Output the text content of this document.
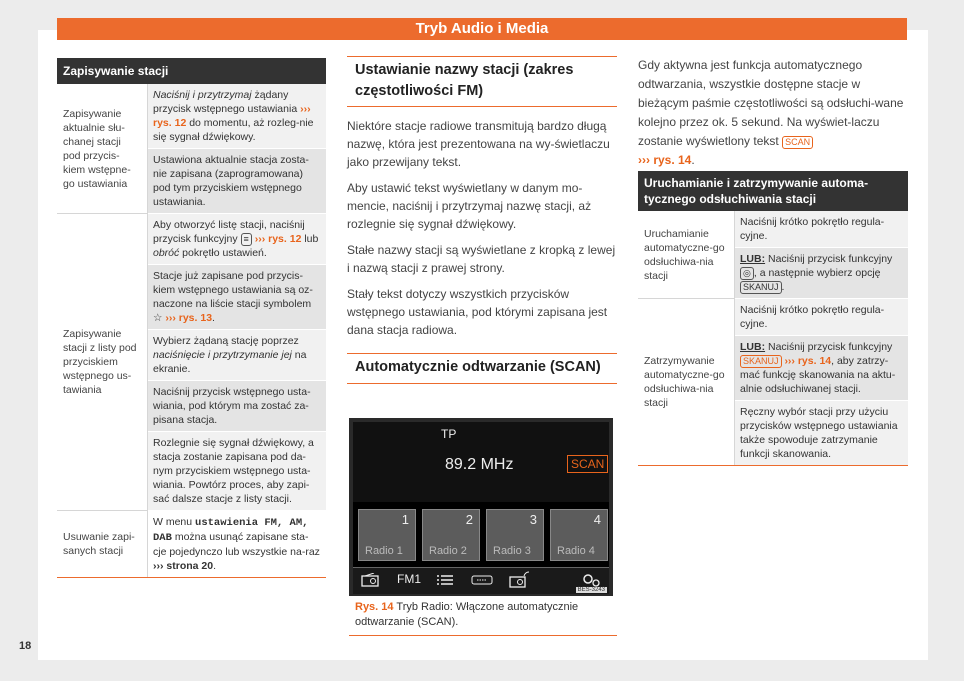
Tryb Audio i Media
Zapisywanie stacji
Zapisywanie aktualnie słu-chanej stacji pod przycis-kiem wstępne-go ustawiania	Naciśnij i przytrzymaj żądany przycisk wstępnego ustawiania ››› rys. 12 do momentu, aż rozleg-nie się sygnał dźwiękowy.
	Ustawiona aktualnie stacja zosta-nie zapisana (zaprogramowana) pod tym przyciskiem wstępnego ustawiania.
Zapisywanie stacji z listy pod przyciskiem wstępnego us-tawiania	Aby otworzyć listę stacji, naciśnij przycisk funkcyjny ≡ ››› rys. 12 lub obróć pokrętło ustawień.
	Stacje już zapisane pod przycis-kiem wstępnego ustawiania są oz-naczone na liście stacji symbolem ☆ ››› rys. 13.
	Wybierz żądaną stację poprzez naciśnięcie i przytrzymanie jej na ekranie.
	Naciśnij przycisk wstępnego usta-wiania, pod którym ma zostać za-pisana stacja.
	Rozlegnie się sygnał dźwiękowy, a stacja zostanie zapisana pod da-nym przyciskiem wstępnego usta-wiania. Powtórz proces, aby zapi-sać dalsze stacje z listy stacji.
Usuwanie zapi-sanych stacji	W menu ustawienia FM, AM, DAB można usunąć zapisane sta-cje pojedynczo lub wszystkie na-raz ››› strona 20.
Ustawianie nazwy stacji (zakres częstotliwości FM)

Niektóre stacje radiowe transmitują bardzo długą nazwę, która jest prezentowana na wy-świetlaczu jako przewijany tekst.

Aby ustawić tekst wyświetlany w danym mo-mencie, naciśnij i przytrzymaj nazwę stacji, aż rozlegnie się sygnał dźwiękowy.

Stałe nazwy stacji są wyświetlane z kropką z lewej i nazwą stacji z prawej strony.

Stały tekst dotyczy wszystkich przycisków wstępnego ustawiania, pod którymi zapisana jest dana stacja radiowa.

Automatycznie odtwarzanie (SCAN)
TP
89.2 MHz	SCAN
1
Radio 1
2
Radio 2
3
Radio 3
4
Radio 4
FM1
BES-3243
Rys. 14 Tryb Radio: Włączone automatycznie odtwarzanie (SCAN).

Gdy aktywna jest funkcja automatycznego odtwarzania, wszystkie dostępne stacje w bieżącym paśmie częstotliwości są odsłuchi-wane kolejno przez ok. 5 sekund. Na wyświet-laczu zostanie wyświetlony tekst SCAN
››› rys. 14.

Uruchamianie i zatrzymywanie automa-tycznego odsłuchiwania stacji
Uruchamianie automatyczne-go odsłuchiwa-nia stacji	Naciśnij krótko pokrętło regula-cyjne.
	LUB: Naciśnij przycisk funkcyjny ◎ , a następnie wybierz opcję SKANUJ .
Zatrzymywanie automatyczne-go odsłuchiwa-nia stacji	Naciśnij krótko pokrętło regula-cyjne.
	LUB: Naciśnij przycisk funkcyjny SKANUJ ››› rys. 14, aby zatrzy-mać funkcję skanowania na aktu-alnie odsłuchiwanej stacji.
	Ręczny wybór stacji przy użyciu przycisków wstępnego ustawiania także spowoduje zatrzymanie funkcji skanowania.
18
